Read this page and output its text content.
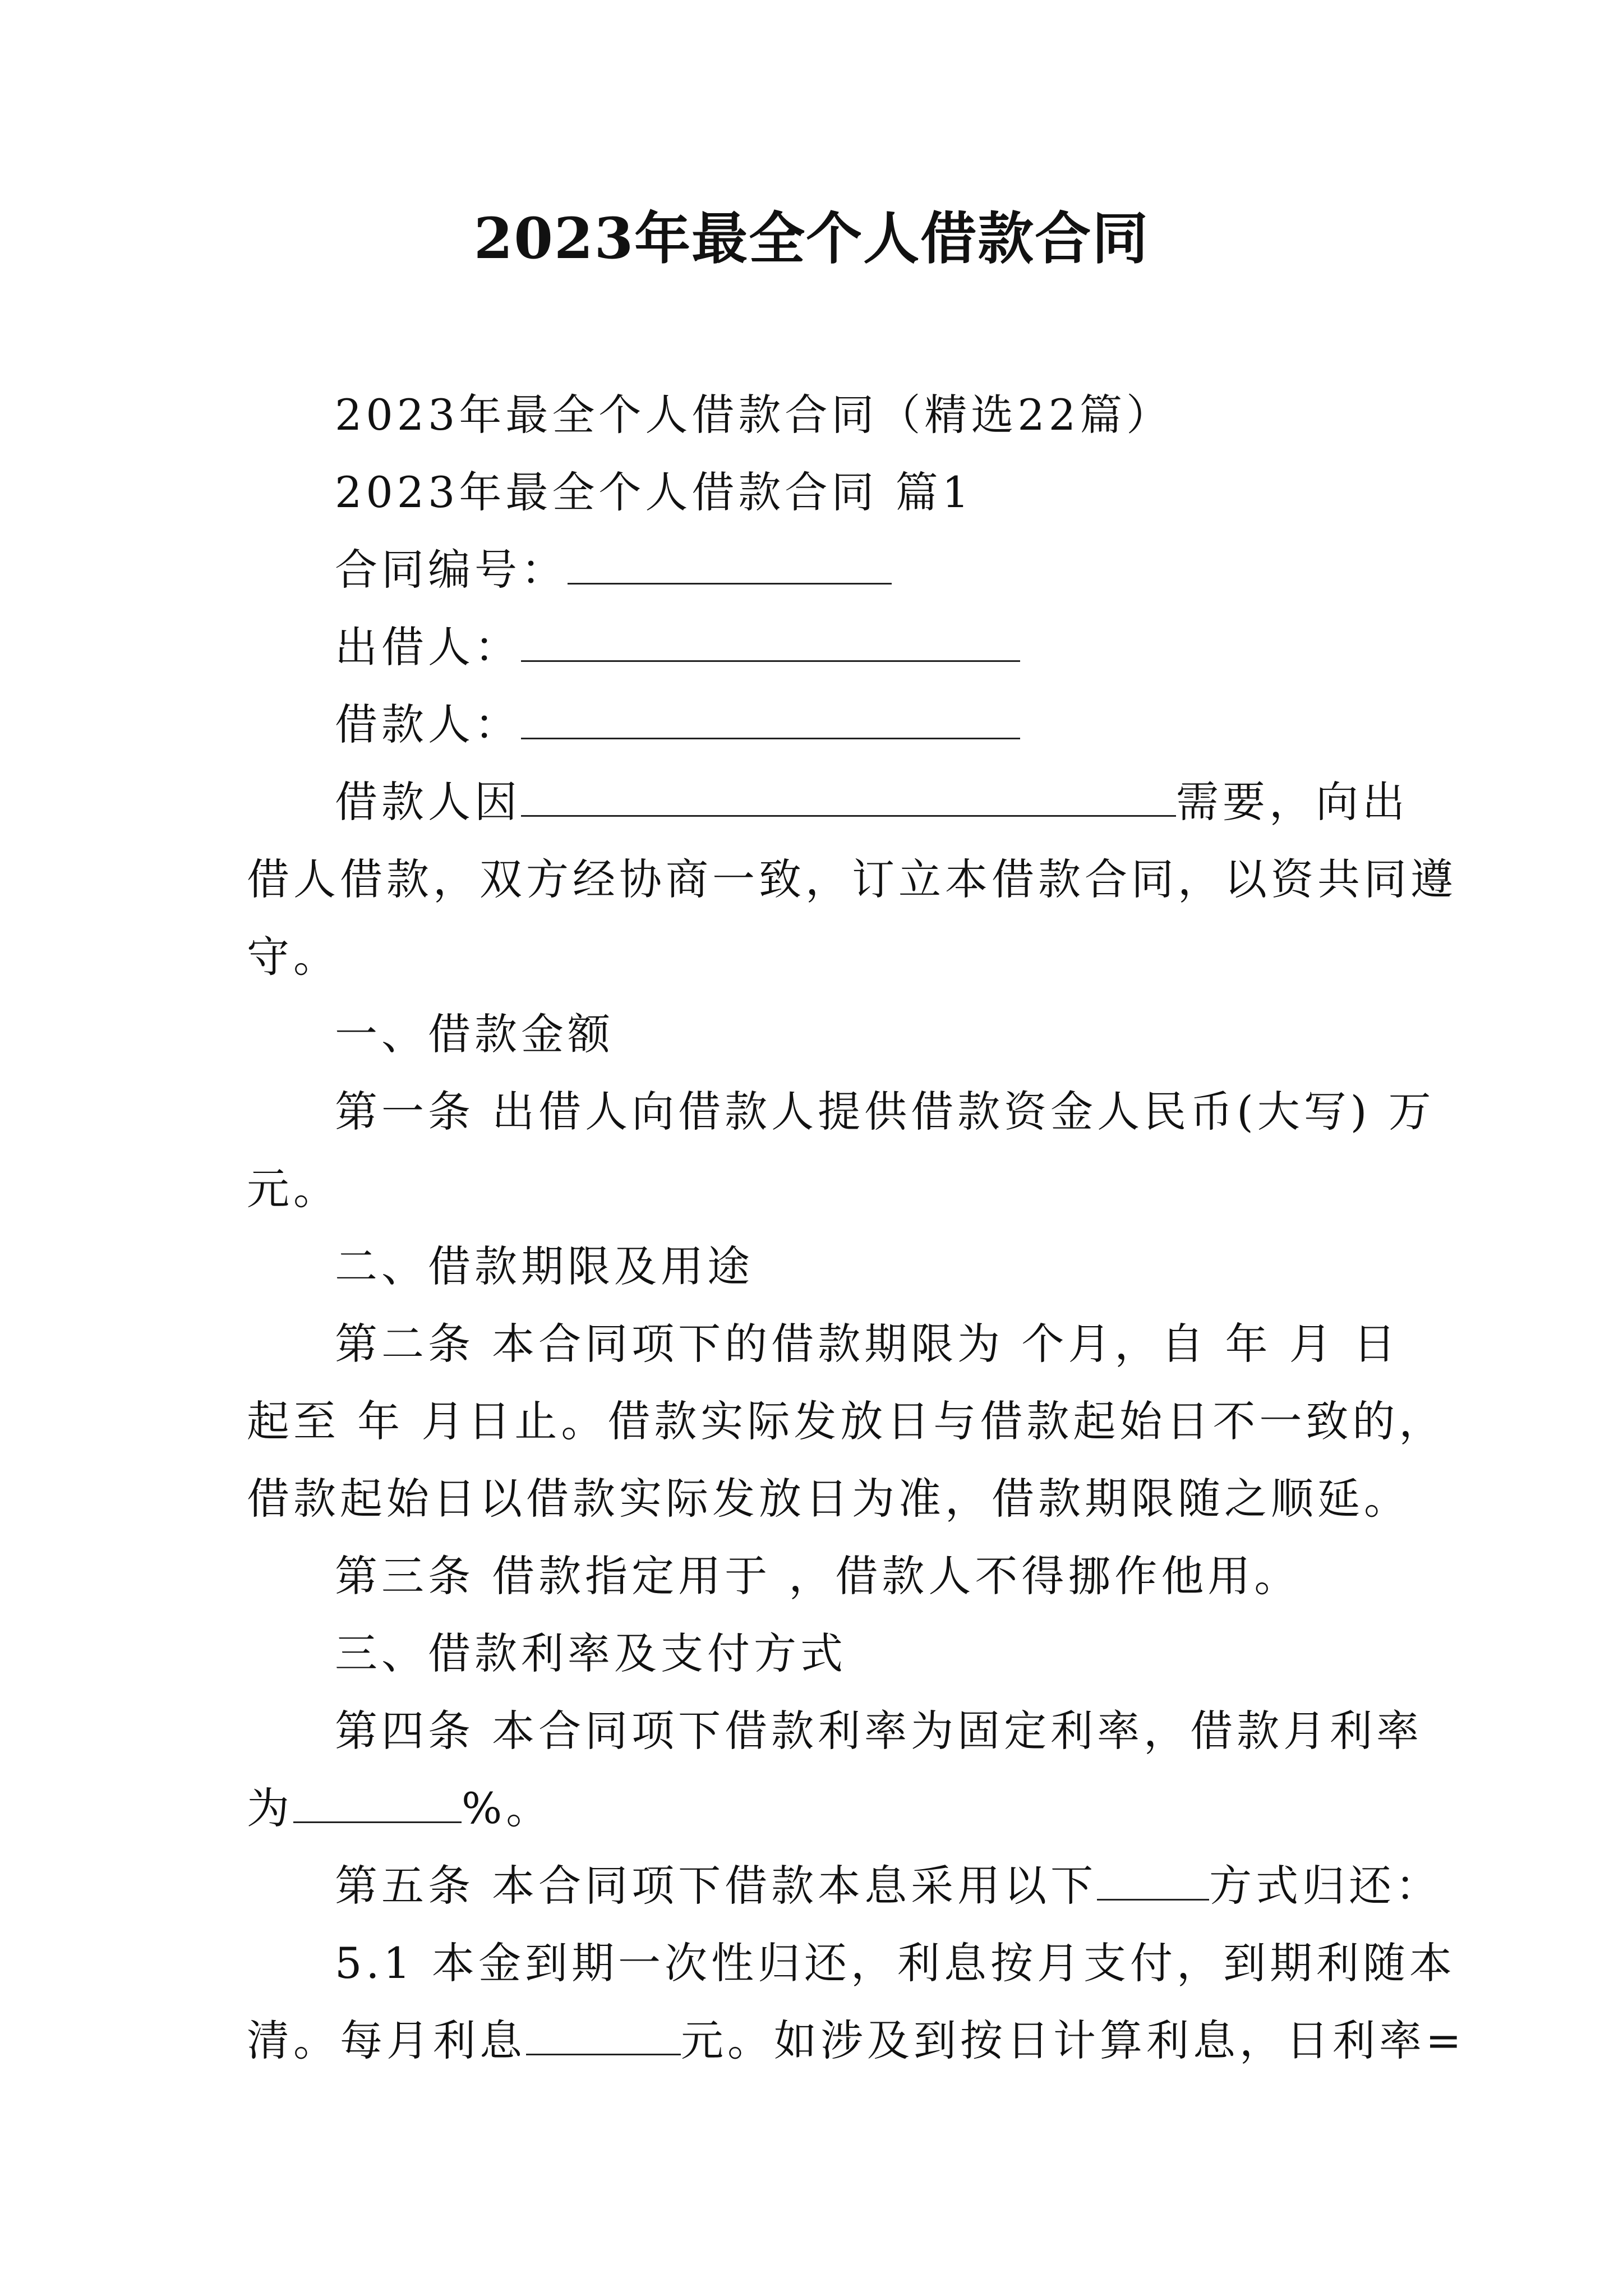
2023年最全个人借款合同
2023年最全个人借款合同（精选22篇）
2023年最全个人借款合同 篇1
合同编号：
出借人：
借款人：
借款人因	需要，向出
借人借款，双方经协商一致，订立本借款合同，以资共同遵
守。
一、借款金额
第一条 出借人向借款人提供借款资金人民币(大写) 万
元。
二、借款期限及用途
第二条 本合同项下的借款期限为 个月，自 年 月 日
起至 年 月日止。借款实际发放日与借款起始日不一致的，
借款起始日以借款实际发放日为准，借款期限随之顺延。
第三条 借款指定用于 ，借款人不得挪作他用。
三、借款利率及支付方式
第四条 本合同项下借款利率为固定利率，借款月利率
为	%。
第五条 本合同项下借款本息采用以下	方式归还：
5.1 本金到期一次性归还，利息按月支付，到期利随本
清。每月利息	元。如涉及到按日计算利息，日利率=
